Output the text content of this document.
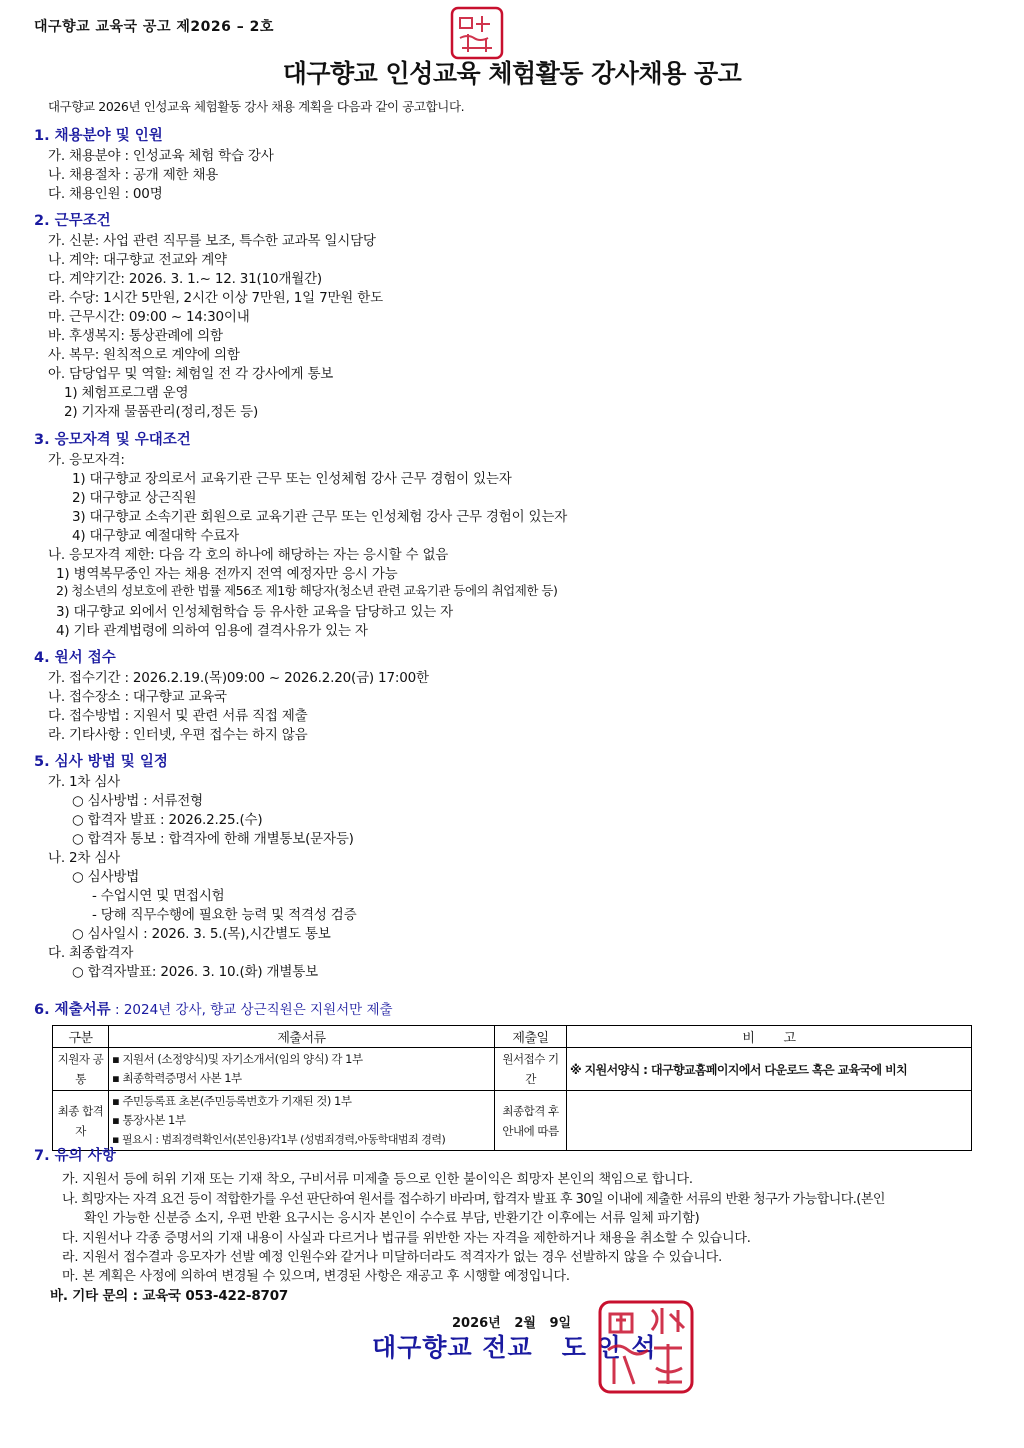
대구향교 교육국 공고 제2026 – 2호
대구향교 인성교육 체험활동 강사채용 공고
대구향교 2026년 인성교육 체험활동 강사 채용 계획을 다음과 같이 공고합니다.
1. 채용분야 및 인원
가. 채용분야 : 인성교육 체험 학습 강사
나. 채용절차 : 공개 제한 채용
다. 채용인원 : 00명
2. 근무조건
가. 신분: 사업 관련 직무를 보조, 특수한 교과목 일시담당
나. 계약: 대구향교 전교와 계약
다. 계약기간: 2026. 3. 1.~ 12. 31(10개월간)
라. 수당: 1시간 5만원, 2시간 이상 7만원, 1일 7만원 한도
마. 근무시간: 09:00 ~ 14:30이내
바. 후생복지: 통상관례에 의함
사. 복무: 원칙적으로 계약에 의함
아. 담당업무 및 역할: 체험일 전 각 강사에게 통보
1) 체험프로그램 운영
2) 기자재 물품관리(정리,정돈 등)
3. 응모자격 및 우대조건
가. 응모자격:
1) 대구향교 장의로서 교육기관 근무 또는 인성체험 강사 근무 경험이 있는자
2) 대구향교 상근직원
3) 대구향교 소속기관 회원으로 교육기관 근무 또는 인성체험 강사 근무 경험이 있는자
4) 대구향교 예절대학 수료자
나. 응모자격 제한: 다음 각 호의 하나에 해당하는 자는 응시할 수 없음
1) 병역복무중인 자는 채용 전까지 전역 예정자만 응시 가능
2) 청소년의 성보호에 관한 법률 제56조 제1항 해당자(청소년 관련 교육기관 등에의 취업제한 등)
3) 대구향교 외에서 인성체험학습 등 유사한 교육을 담당하고 있는 자
4) 기타 관계법령에 의하여 임용에 결격사유가 있는 자
4. 원서 접수
가. 접수기간 : 2026.2.19.(목)09:00 ~ 2026.2.20(금) 17:00한
나. 접수장소 : 대구향교 교육국
다. 접수방법 : 지원서 및 관련 서류 직접 제출
라. 기타사항 : 인터넷, 우편 접수는 하지 않음
5. 심사 방법 및 일정
가. 1차 심사
○ 심사방법 : 서류전형
○ 합격자 발표 : 2026.2.25.(수)
○ 합격자 통보 : 합격자에 한해 개별통보(문자등)
나. 2차 심사
○ 심사방법
- 수업시연 및 면접시험
- 당해 직무수행에 필요한 능력 및 적격성 검증
○ 심사일시 : 2026. 3. 5.(목),시간별도 통보
다. 최종합격자
○ 합격자발표: 2026. 3. 10.(화) 개별통보
6. 제출서류 : 2024년 강사, 향교 상근직원은 지원서만 제출
구분	제출서류	제출일	비        고
지원자 공통	▪ 지원서 (소정양식)및 자기소개서(임의 양식) 각 1부
▪ 최종학력증명서 사본 1부	원서접수 기간	※ 지원서양식 : 대구향교홈페이지에서 다운로드 혹은 교육국에 비치
최종 합격자	▪ 주민등록표 초본(주민등록번호가 기재된 것) 1부
▪ 통장사본 1부
▪ 필요시 : 범죄경력확인서(본인용)각1부 (성범죄경력,아동학대범죄 경력)	최종합격 후 안내에 따름	
7. 유의 사항
가. 지원서 등에 허위 기재 또는 기재 착오, 구비서류 미제출 등으로 인한 불이익은 희망자 본인의 책임으로 합니다.
나. 희망자는 자격 요건 등이 적합한가를 우선 판단하여 원서를 접수하기 바라며, 합격자 발표 후 30일 이내에 제출한 서류의 반환 청구가 가능합니다.(본인
확인 가능한 신분증 소지, 우편 반환 요구시는 응시자 본인이 수수료 부담, 반환기간 이후에는 서류 일체 파기함)
다. 지원서나 각종 증명서의 기재 내용이 사실과 다르거나 법규를 위반한 자는 자격을 제한하거나 채용을 취소할 수 있습니다.
라. 지원서 접수결과 응모자가 선발 예정 인원수와 같거나 미달하더라도 적격자가 없는 경우 선발하지 않을 수 있습니다.
마. 본 계획은 사정에 의하여 변경될 수 있으며, 변경된 사항은 재공고 후 시행할 예정입니다.
바. 기타 문의 : 교육국 053-422-8707
2026년   2월   9일
대구향교 전교   도 인 석
